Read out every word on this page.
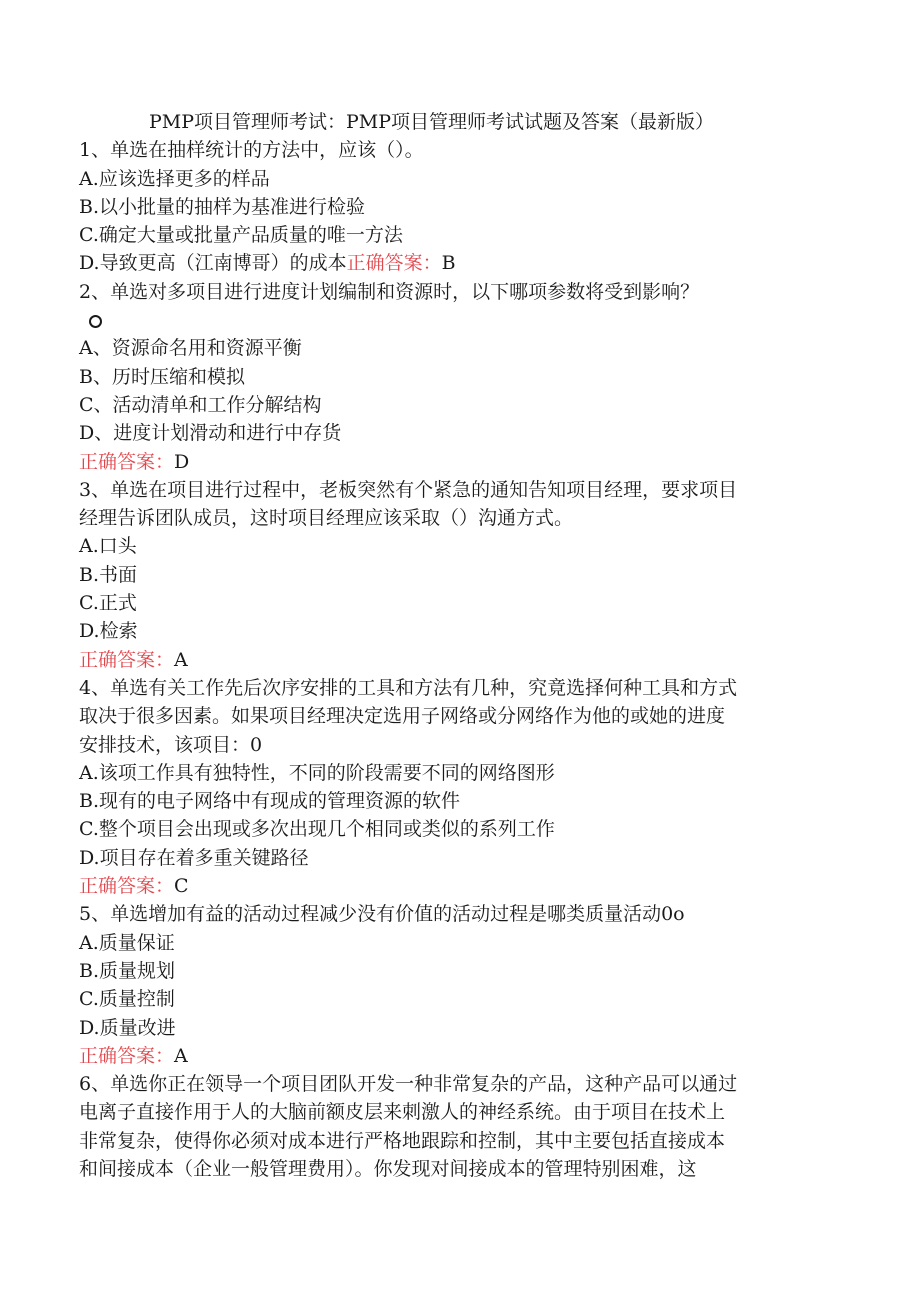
PMP项目管理师考试：PMP项目管理师考试试题及答案（最新版）
1、单选在抽样统计的方法中，应该（）。
A.应该选择更多的样品
B.以小批量的抽样为基准进行检验
C.确定大量或批量产品质量的唯一方法
D.导致更高（江南博哥）的成本正确答案：B
2、单选对多项目进行进度计划编制和资源时，以下哪项参数将受到影响？
A、资源命名用和资源平衡
B、历时压缩和模拟
C、活动清单和工作分解结构
D、进度计划滑动和进行中存货
正确答案：D
3、单选在项目进行过程中，老板突然有个紧急的通知告知项目经理，要求项目
经理告诉团队成员，这时项目经理应该采取（）沟通方式。
A.口头
B.书面
C.正式
D.检索
正确答案：A
4、单选有关工作先后次序安排的工具和方法有几种，究竟选择何种工具和方式
取决于很多因素。如果项目经理决定选用子网络或分网络作为他的或她的进度
安排技术，该项目：0
A.该项工作具有独特性，不同的阶段需要不同的网络图形
B.现有的电子网络中有现成的管理资源的软件
C.整个项目会出现或多次出现几个相同或类似的系列工作
D.项目存在着多重关键路径
正确答案：C
5、单选增加有益的活动过程减少没有价值的活动过程是哪类质量活动0o
A.质量保证
B.质量规划
C.质量控制
D.质量改进
正确答案：A
6、单选你正在领导一个项目团队开发一种非常复杂的产品，这种产品可以通过
电离子直接作用于人的大脑前额皮层来刺激人的神经系统。由于项目在技术上
非常复杂，使得你必须对成本进行严格地跟踪和控制，其中主要包括直接成本
和间接成本（企业一般管理费用）。你发现对间接成本的管理特别困难，这
